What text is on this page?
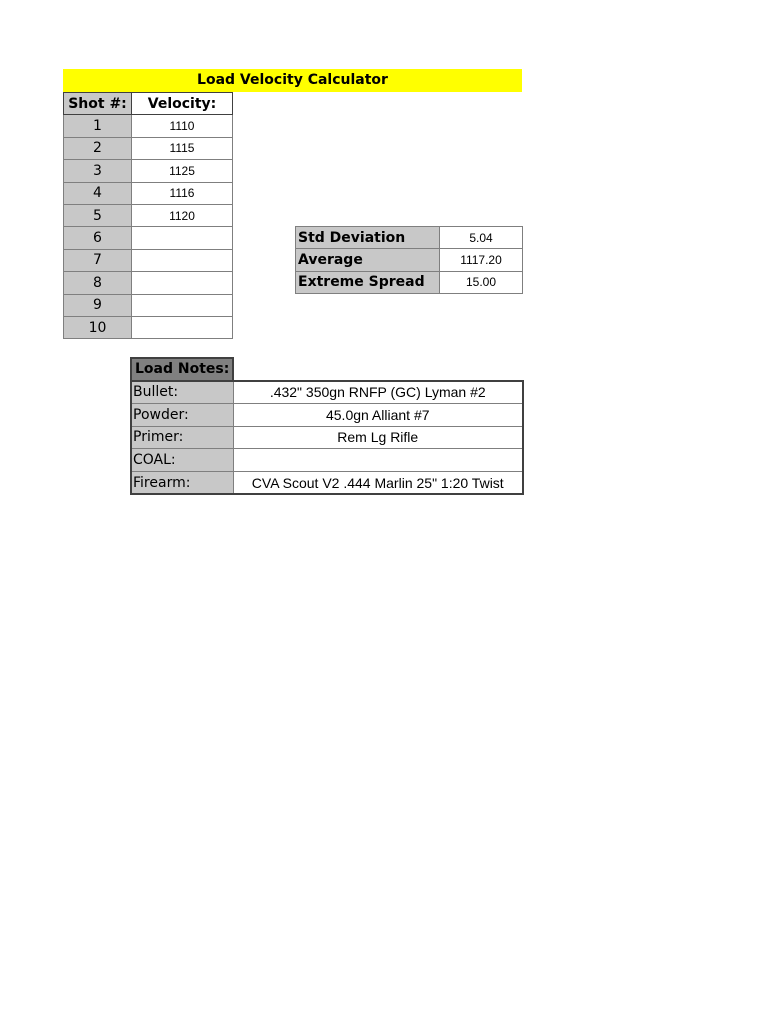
Load Velocity Calculator
Shot #:	Velocity:
1	1110
2	1115
3	1125
4	1116
5	1120
6	
7	
8	
9	
10	
Std Deviation	5.04
Average	1117.20
Extreme Spread	15.00
Load Notes:	
Bullet:	.432" 350gn RNFP (GC) Lyman #2
Powder:	45.0gn Alliant #7
Primer:	Rem Lg Rifle
COAL:	
Firearm:	CVA Scout V2 .444 Marlin 25" 1:20 Twist
